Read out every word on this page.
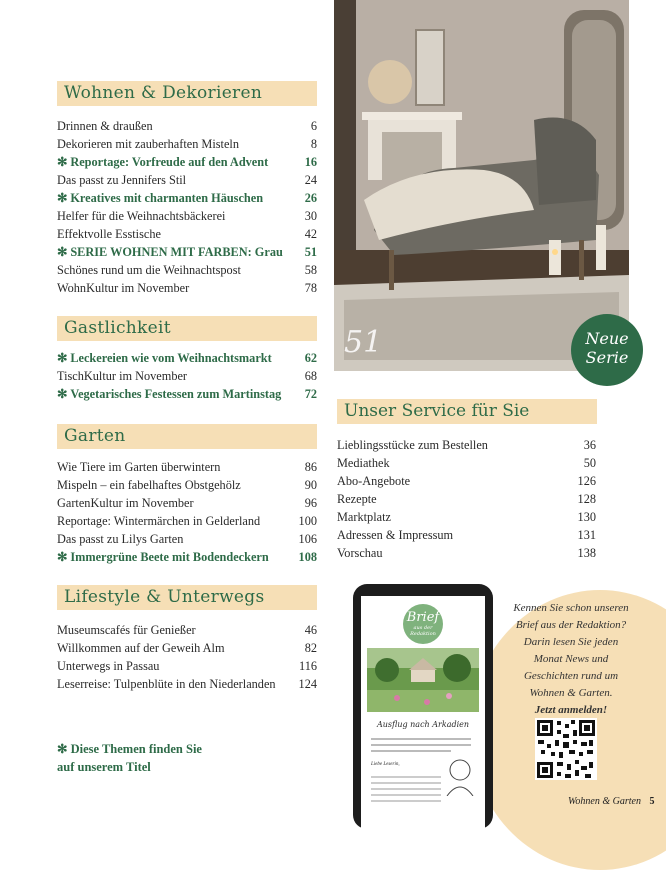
Wohnen & Dekorieren
Drinnen & draußen	6
Dekorieren mit zauberhaften Misteln	8
✻ Reportage: Vorfreude auf den Advent	16
Das passt zu Jennifers Stil	24
✻ Kreatives mit charmanten Häuschen	26
Helfer für die Weihnachtsbäckerei	30
Effektvolle Esstische	42
✻ SERIE WOHNEN MIT FARBEN: Grau 51
Schönes rund um die Weihnachtspost	58
WohnKultur im November	78
Gastlichkeit
✻ Leckereien wie vom Weihnachtsmarkt	62
TischKultur im November	68
✻ Vegetarisches Festessen zum Martinstag 72
Garten
Wie Tiere im Garten überwintern	86
Mispeln – ein fabelhaftes Obstgehölz	90
GartenKultur im November	96
Reportage: Wintermärchen in Gelderland	100
Das passt zu Lilys Garten	106
✻ Immergrüne Beete mit Bodendeckern 108
Lifestyle & Unterwegs
Museumscafés für Genießer	46
Willkommen auf der Geweih Alm	82
Unterwegs in Passau	116
Leserreise: Tulpenblüte in den Niederlanden 124
✻ Diese Themen finden Sie
auf unserem Titel
51	Neue
Serie
Unser Service für Sie
Lieblingsstücke zum Bestellen	36
Mediathek	50
Abo-Angebote	126
Rezepte	128
Marktplatz	130
Adressen & Impressum	131
Vorschau	138
Kennen Sie schon unseren Brief aus der Redaktion? Darin lesen Sie jeden Monat News und Geschichten rund um Wohnen & Garten.
Jetzt anmelden!
Brief
aus der Redaktion
Ausflug nach Arkadien
Liebe Leserin,
Wohnen & Garten 5
